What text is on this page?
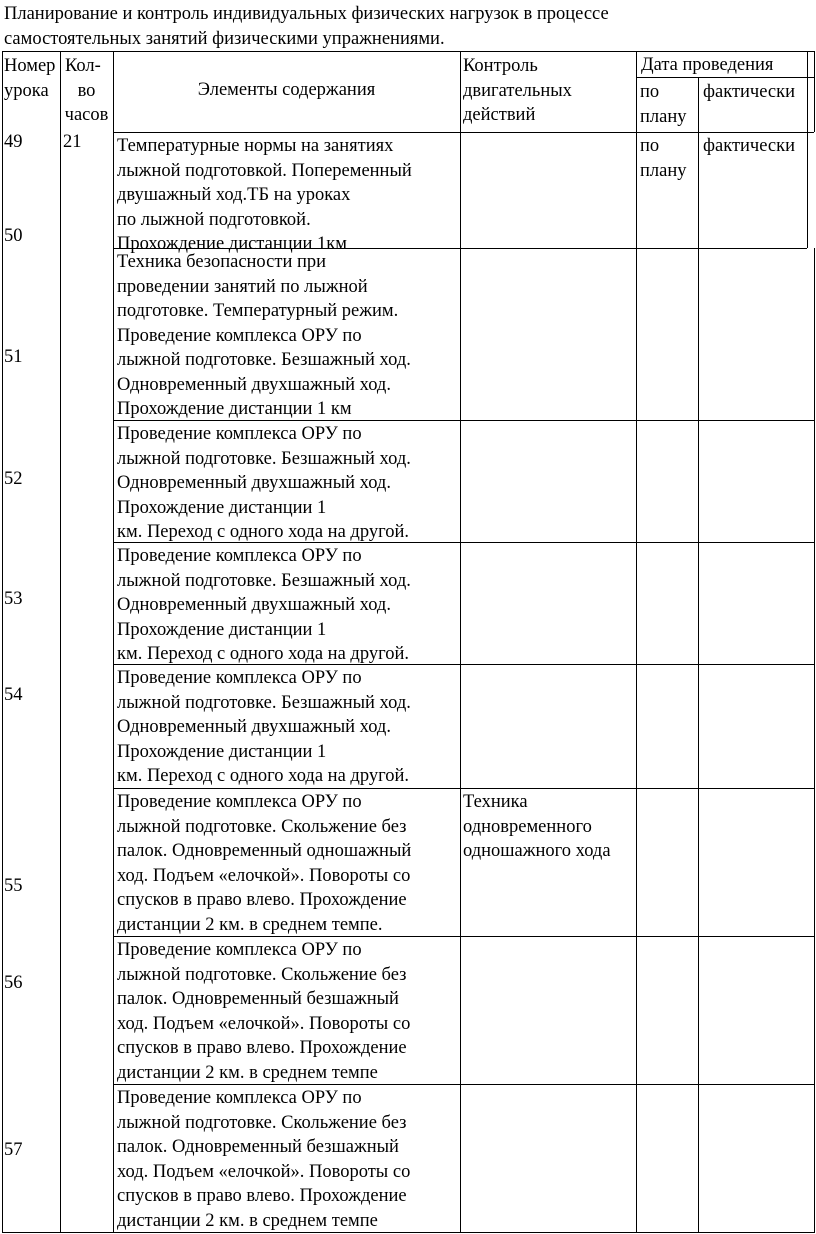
Планирование и контроль индивидуальных физических нагрузок в процессе
самостоятельных занятий физическими упражнениями.
Номер
урока
Кол-
во
часов
Элементы содержания
Контроль
двигательных
действий
Дата проведения
по
плану
фактически
49
50
51
52
53
54
55
56
57
21 Температурные нормы на занятиях
лыжной подготовкой. Попеременный
двушажный ход.ТБ на уроках
по лыжной подготовкой.
Прохождение дистанции 1км
по
плану
фактически
Техника безопасности при
проведении занятий по лыжной
подготовке. Температурный режим.
Проведение комплекса ОРУ по
лыжной подготовке. Безшажный ход.
Одновременный двухшажный ход.
Прохождение дистанции 1 км
Проведение комплекса ОРУ по
лыжной подготовке. Безшажный ход.
Одновременный двухшажный ход.
Прохождение дистанции 1
км. Переход с одного хода на другой.
Проведение комплекса ОРУ по
лыжной подготовке. Безшажный ход.
Одновременный двухшажный ход.
Прохождение дистанции 1
км. Переход с одного хода на другой.
Проведение комплекса ОРУ по
лыжной подготовке. Безшажный ход.
Одновременный двухшажный ход.
Прохождение дистанции 1
км. Переход с одного хода на другой.
Проведение комплекса ОРУ по
лыжной подготовке. Скольжение без
палок. Одновременный одношажный
ход. Подъем «елочкой». Повороты со
спусков в право влево. Прохождение
дистанции 2 км. в среднем темпе.
Техника
одновременного
одношажного хода
Проведение комплекса ОРУ по
лыжной подготовке. Скольжение без
палок. Одновременный безшажный
ход. Подъем «елочкой». Повороты со
спусков в право влево. Прохождение
дистанции 2 км. в среднем темпе
Проведение комплекса ОРУ по
лыжной подготовке. Скольжение без
палок. Одновременный безшажный
ход. Подъем «елочкой». Повороты со
спусков в право влево. Прохождение
дистанции 2 км. в среднем темпе
